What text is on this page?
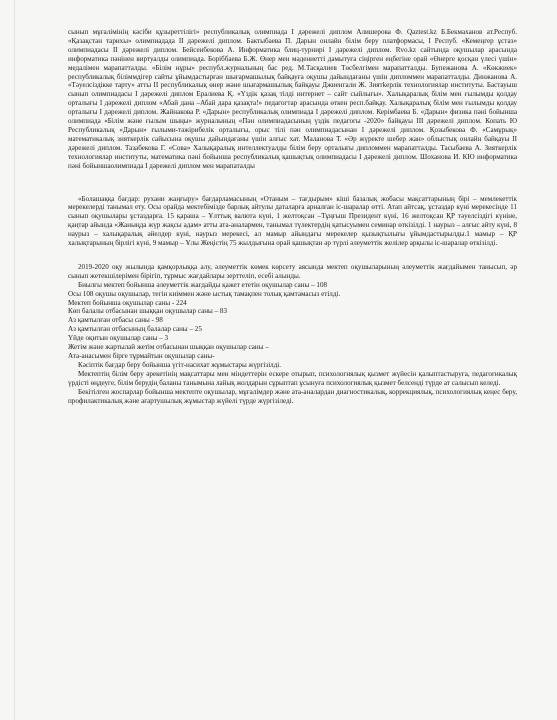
сынып мұғалімінің кәсіби құзыреттілігі» республикалық олимпиада I дәрежелі диплом Алишерова Ф. Qaztest.kz Б.Бекмаханов ат.Респуб. «Қазақстан тарихы» олимпиадада II дәрежелі диплом. Бактыбаева П. Дарын онлайн білім беру платформасы, I Респуб. «Кемеңгер ұстаз» олимпиадасы II дәрежелі диплом. Бейсенбекова А. Информатика блиц-турнирі I дәрежелі диплом. Rvo.kz сайтында оқушылар арасында информатика пәнінен виртуалды олимпиада. Боріббаева Б.Ж. Өнер мен мәдениетті дамытуға сіңірген еңбегіне орай «Өнерге қосқан үлесі үшін» медалімен марапатталды. «Білім нұры» республ.журнальның бас ред. М.Тасқалиев Төсбелгімен марапатталды. Бупежанова А. «Көкжиек» республикалық біліммдігер сайты ұйымдастырған шығармашылық байқауға оқушы дайындағаны үшін дипломмен марапатталды. Динжанова А. «Тәуелсіздікке тарту» атты II республикалық өнер және шығармашылық байқауы Джиенгали Ж. Зиятkерлік технологиялар институты. Бастауыш сынып олимпиадасы I дәрежелі диплом Ералиева Қ. «Үздік қазақ тілді интернет – сайт сыйлығы». Халықаралық білім мен ғылымды қолдау орталығы I дәрежелі диплом «Абай дана –Абай дара қазақта!» педагогтар арасында өткен респ.байқау. Халықаралық білім мен ғылымды қолдау орталығы I дәрежелі диплом. Жайнакова Р. «Дарын» республикалық олимпиада I дәрежелі диплом. Керімбаева Б. «Дарын» физика пәні бойынша олимпиада «Білім және ғылым шыңы» журналының «Пән олимпиадасының үздік педагогы -2020» байқауы III дәрежелі диплом. Копать Ю Республикалық «Дарын» ғылыми-тәжірибелік орталығы, орыс тілі пән олимпиадасынан I дәрежелі диплом. Қозыбекова Ф. «Самұрық» математикалық зияткерлік сайысына оқушы дайындағаны үшін алғыс хат. Маланова Т. «Әр жүректе шебер жан» облыстық онлайн байқауы II дәрежелі диплом. Тазабекова Г. «Сова» Халықаралық интеллектуалды білім беру орталығы дипломмен марапатталды. Тасыбаева А. Зияткерлік технологиялар институты, математика пәні бойынша республикалық қашықтық олимпиадасы I дәрежелі диплом. Шоханова И. КЮ информатика пәні бойыншаолимпиада I дәрежелі диплом мен марапаталды

«Болашаққа бағдар: рухани жаңғыру» бағдарламасының «Отаным – тағдырым» кіші базалық жобасы мақсаттарының бірі – мемлекеттік мерекелерді танымал ету. Осы орайда мектебімізде барлық айтулы даталарға арналған іс-шаралар өтті. Атап айтсақ, ұстаздар күні мерекесінде 11 сынып оқушылары ұстаздарға. 15 қараша – Ұлттық валюта күні, 1 желтоқсан –Тұңғыш Президент күні, 16 желтоқсан ҚР тәуелсіздігі күніне, қаңтар айында «Жаныңда жүр жақсы адам» атты ата-аналармен, танымал түлектердің қатысуымен семинар өткізілді. 1 наурыз – алғыс айту күні, 8 наурыз – халықаралық әйелдер күні, наурыз мерекесі, ал мамыр айындағы мерекелер қызықтылығы ұйымдастырылды.1 мамыр – ҚР халықтарының бірлігі күні, 9 мамыр – Ұлы Жеңістің 75 жылдығына орай қашықтан әр түрлі әлеуметтік желілер арқылы іс-шаралар өткізілді.

2019-2020 оқу жылында қамқорлыққа алу, әлеуметтік көмек көрсету аясында мектеп оқушыларының әлеуметтік жағдайымен танысып, әр сынып жетекшілерімен бірігіп, тұрмыс жағдайлары зерттеліп, есебі алынды.

Биылғы мектеп бойынша әлеуметтік жағдайды қажет ететін оқушылар саны – 108

Осы 108 оқушы оқушылар, тегін киіммен және ыстық тамақпен толық қамтамасыз етілді.

Мектеп бойынша оқушылар саны - 224

Көп балалы отбасынан шыққан оқушылар саны – 83

Аз қамтылған отбасы саны - 98

Аз қамтылған отбасының балалар саны – 25

Үйде оқитын оқушылар саны – 3

Жетім және жартылай жетім отбасынан шыққан оқушылар саны –

Ата-анасымен бірге тұрмайтын оқушылар саны-

Кәсіптік бағдар беру бойынша үгіт-насихат жұмыстары жүргізілді.

Мектептің білім беру әрекетінің мақсаттары мен міндеттерін ескере отырып, психологиялық қызмет жүйесін қалыптастыруға, педагогикалық үрдісті өңдеуге, білім берудің баланы танымына лайық жолдарын сұрыптап ұсынуға психологиялық қызмет белсенді түрде ат салысып келеді.

Бекітілген жоспарлар бойынша мектепте оқушылар, мұғалімдер және ата-аналардан диагностикалық, коррекциялық, психологиялық кеңес беру, профилактикалық және ағартушылық жұмыстар жүйелі түрде жүргізіледі.
